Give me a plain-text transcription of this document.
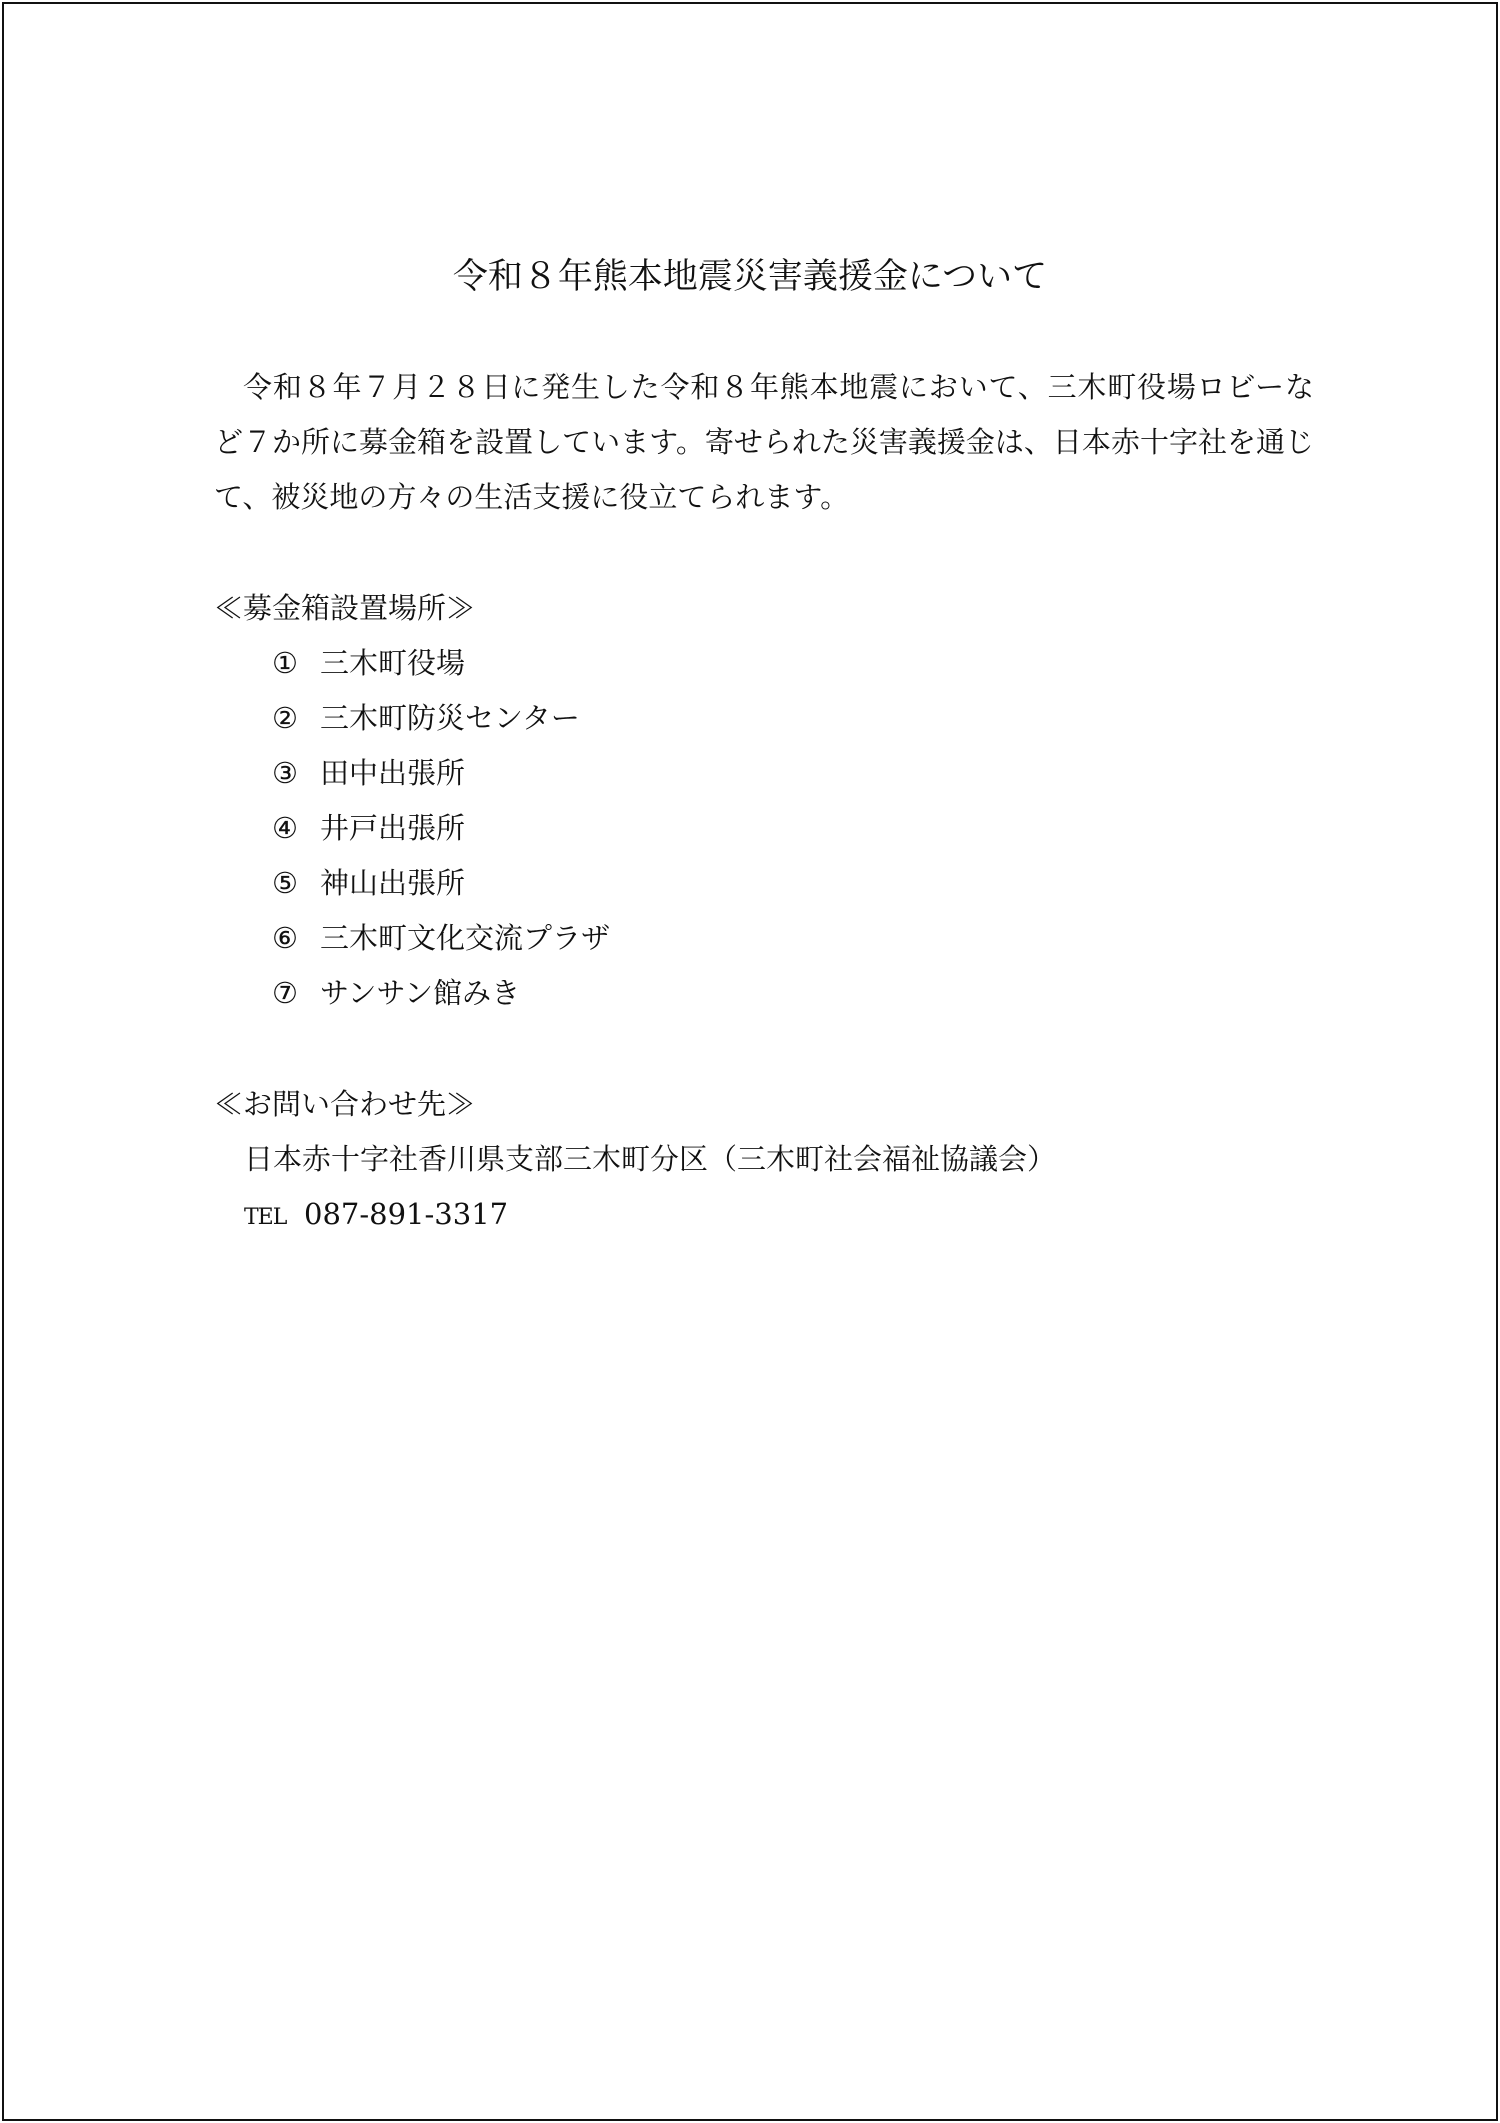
令和８年熊本地震災害義援金について

令和８年７月２８日に発生した令和８年熊本地震において、三木町役場ロビーなど７か所に募金箱を設置しています。寄せられた災害義援金は、日本赤十字社を通じて、被災地の方々の生活支援に役立てられます。

≪募金箱設置場所≫
① 三木町役場
② 三木町防災センター
③ 田中出張所
④ 井戸出張所
⑤ 神山出張所
⑥ 三木町文化交流プラザ
⑦ サンサン館みき
≪お問い合わせ先≫
日本赤十字社香川県支部三木町分区（三木町社会福祉協議会）
TEL 087-891-3317
